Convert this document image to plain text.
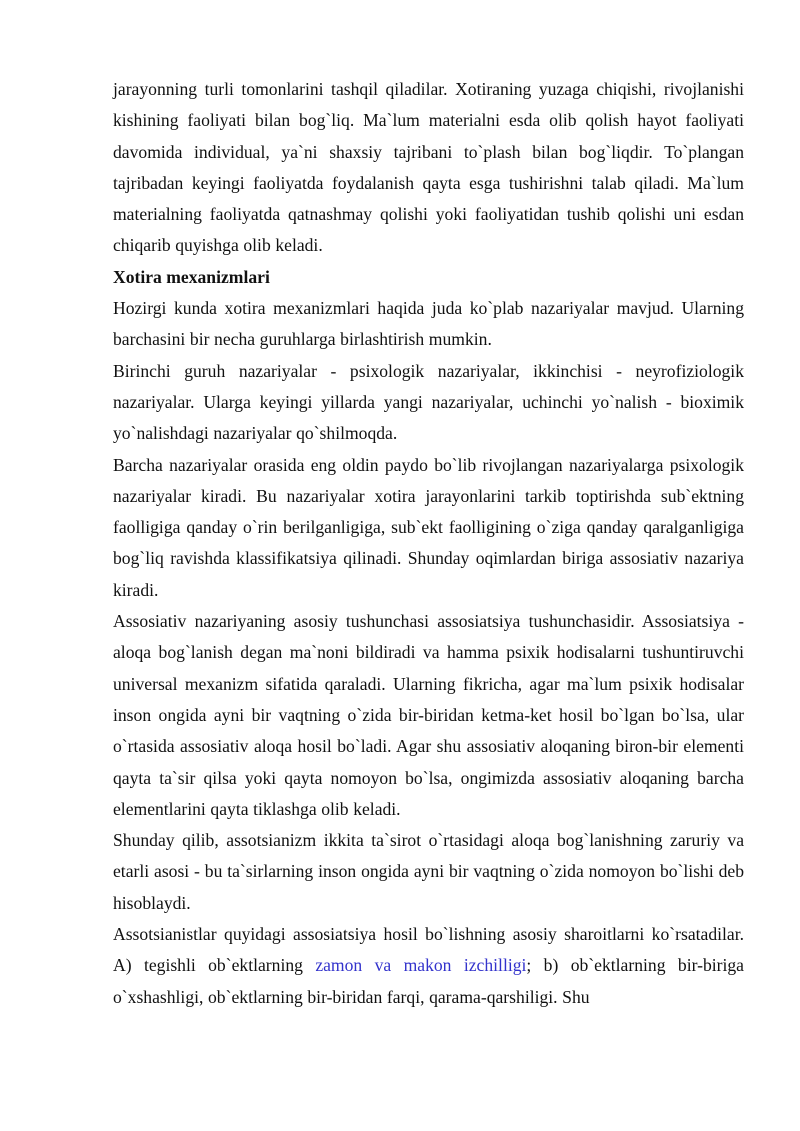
jarayonning turli tomonlarini tashqil qiladilar. Xotiraning yuzaga chiqishi, rivojlanishi kishining faoliyati bilan bog`liq. Ma`lum materialni esda olib qolish hayot faoliyati davomida individual, ya`ni shaxsiy tajribani to`plash bilan bog`liqdir. To`plangan tajribadan keyingi faoliyatda foydalanish qayta esga tushirishni talab qiladi. Ma`lum materialning faoliyatda qatnashmay qolishi yoki faoliyatidan tushib qolishi uni esdan chiqarib quyishga olib keladi.

Xotira mexanizmlari

Hozirgi kunda xotira mexanizmlari haqida juda ko`plab nazariyalar mavjud. Ularning barchasini bir necha guruhlarga birlashtirish mumkin.

Birinchi guruh nazariyalar - psixologik nazariyalar, ikkinchisi - neyrofiziologik nazariyalar. Ularga keyingi yillarda yangi nazariyalar, uchinchi yo`nalish - bioximik yo`nalishdagi nazariyalar qo`shilmoqda.

Barcha nazariyalar orasida eng oldin paydo bo`lib rivojlangan nazariyalarga psixologik nazariyalar kiradi. Bu nazariyalar xotira jarayonlarini tarkib toptirishda sub`ektning faolligiga qanday o`rin berilganligiga, sub`ekt faolligining o`ziga qanday qaralganligiga bog`liq ravishda klassifikatsiya qilinadi. Shunday oqimlardan biriga assosiativ nazariya kiradi.

Assosiativ nazariyaning asosiy tushunchasi assosiatsiya tushunchasidir. Assosiatsiya - aloqa bog`lanish degan ma`noni bildiradi va hamma psixik hodisalarni tushuntiruvchi universal mexanizm sifatida qaraladi. Ularning fikricha, agar ma`lum psixik hodisalar inson ongida ayni bir vaqtning o`zida bir-biridan ketma-ket hosil bo`lgan bo`lsa, ular o`rtasida assosiativ aloqa hosil bo`ladi. Agar shu assosiativ aloqaning biron-bir elementi qayta ta`sir qilsa yoki qayta nomoyon bo`lsa, ongimizda assosiativ aloqaning barcha elementlarini qayta tiklashga olib keladi.

Shunday qilib, assotsianizm ikkita ta`sirot o`rtasidagi aloqa bog`lanishning zaruriy va etarli asosi - bu ta`sirlarning inson ongida ayni bir vaqtning o`zida nomoyon bo`lishi deb hisoblaydi.

Assotsianistlar quyidagi assosiatsiya hosil bo`lishning asosiy sharoitlarni ko`rsatadilar. A) tegishli ob`ektlarning zamon va makon izchilligi; b) ob`ektlarning bir-biriga o`xshashligi, ob`ektlarning bir-biridan farqi, qarama-qarshiligi. Shu
